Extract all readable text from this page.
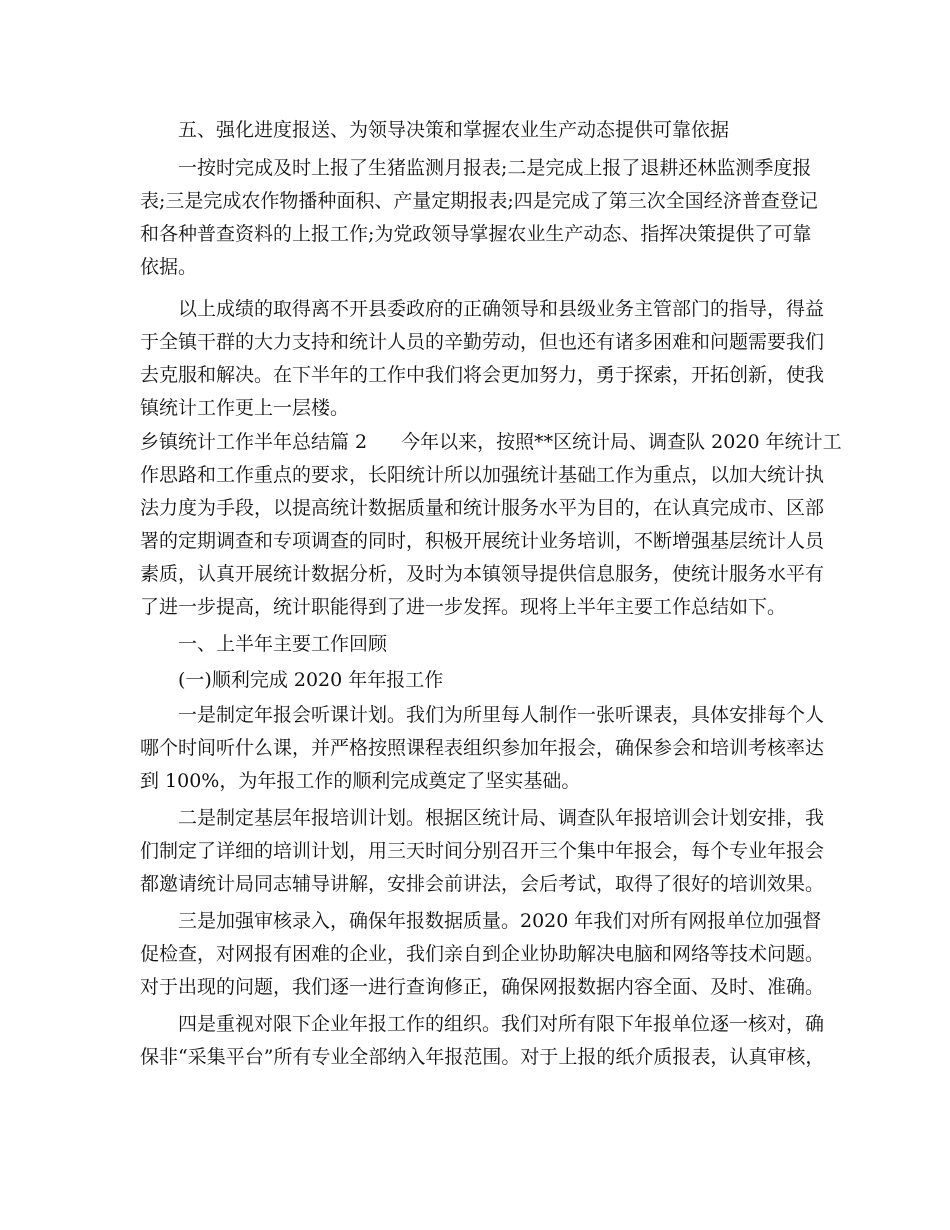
五、强化进度报送、为领导决策和掌握农业生产动态提供可靠依据
一按时完成及时上报了生猪监测月报表;二是完成上报了退耕还林监测季度报
表;三是完成农作物播种面积、产量定期报表;四是完成了第三次全国经济普查登记
和各种普查资料的上报工作;为党政领导掌握农业生产动态、指挥决策提供了可靠
依据。
以上成绩的取得离不开县委政府的正确领导和县级业务主管部门的指导，得益
于全镇干群的大力支持和统计人员的辛勤劳动，但也还有诸多困难和问题需要我们
去克服和解决。在下半年的工作中我们将会更加努力，勇于探索，开拓创新，使我
镇统计工作更上一层楼。
乡镇统计工作半年总结篇 2 今年以来，按照**区统计局、调查队 2020 年统计工
作思路和工作重点的要求，长阳统计所以加强统计基础工作为重点，以加大统计执
法力度为手段，以提高统计数据质量和统计服务水平为目的，在认真完成市、区部
署的定期调查和专项调查的同时，积极开展统计业务培训，不断增强基层统计人员
素质，认真开展统计数据分析，及时为本镇领导提供信息服务，使统计服务水平有
了进一步提高，统计职能得到了进一步发挥。现将上半年主要工作总结如下。
一、上半年主要工作回顾
(一)顺利完成 2020 年年报工作
一是制定年报会听课计划。我们为所里每人制作一张听课表，具体安排每个人
哪个时间听什么课，并严格按照课程表组织参加年报会，确保参会和培训考核率达
到 100%，为年报工作的顺利完成奠定了坚实基础。
二是制定基层年报培训计划。根据区统计局、调查队年报培训会计划安排，我
们制定了详细的培训计划，用三天时间分别召开三个集中年报会，每个专业年报会
都邀请统计局同志辅导讲解，安排会前讲法，会后考试，取得了很好的培训效果。
三是加强审核录入，确保年报数据质量。2020 年我们对所有网报单位加强督
促检查，对网报有困难的企业，我们亲自到企业协助解决电脑和网络等技术问题。
对于出现的问题，我们逐一进行查询修正，确保网报数据内容全面、及时、准确。
四是重视对限下企业年报工作的组织。我们对所有限下年报单位逐一核对，确
保非“采集平台”所有专业全部纳入年报范围。对于上报的纸介质报表，认真审核，
